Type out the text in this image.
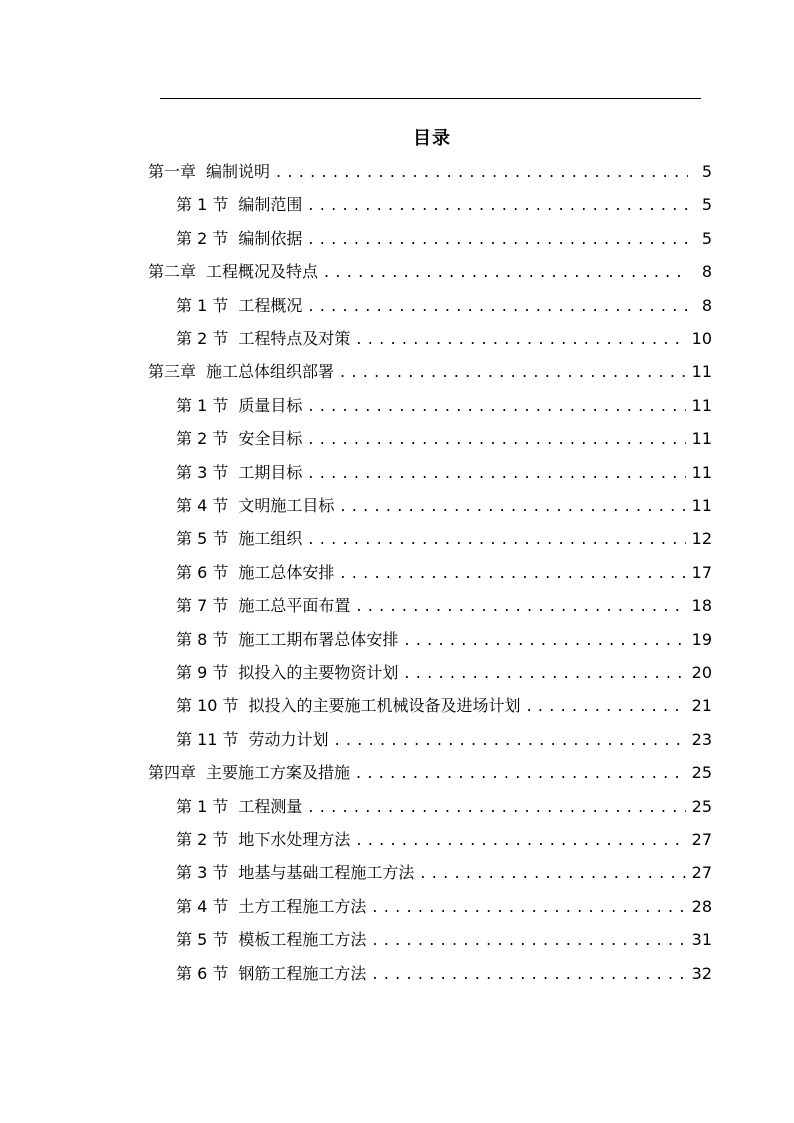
目录
第一章 编制说明 . . .	5
第 1 节 编制范围 . . .	5
第 2 节 编制依据 . . .	5
第二章 工程概况及特点 . . .	8
第 1 节 工程概况 . . .	8
第 2 节 工程特点及对策 . . .	10
第三章 施工总体组织部署 . . .	11
第 1 节 质量目标 . . .	11
第 2 节 安全目标 . . .	11
第 3 节 工期目标 . . .	11
第 4 节 文明施工目标 . . .	11
第 5 节 施工组织 . . .	12
第 6 节 施工总体安排 . . .	17
第 7 节 施工总平面布置 . . .	18
第 8 节 施工工期布署总体安排 . . .	19
第 9 节 拟投入的主要物资计划 . . .	20
第 10 节 拟投入的主要施工机械设备及进场计划 . . .	21
第 11 节 劳动力计划 . . .	23
第四章 主要施工方案及措施 . . .	25
第 1 节 工程测量 . . .	25
第 2 节 地下水处理方法 . . .	27
第 3 节 地基与基础工程施工方法 . . .	27
第 4 节 土方工程施工方法 . . .	28
第 5 节 模板工程施工方法 . . .	31
第 6 节 钢筋工程施工方法 . . .	32
